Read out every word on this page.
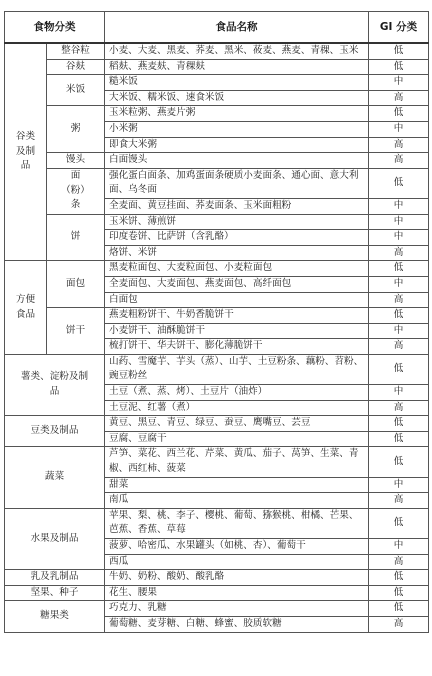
食物分类		食品名称	GI 分类
谷类及制品	整谷粒	小麦、大麦、黑麦、荞麦、黑米、莜麦、燕麦、青稞、玉米	低
	谷麸	稻麸、燕麦麸、青稞麸	低
	米饭	糙米饭	中
		大米饭、糯米饭、速食米饭	高
	粥	玉米粒粥、燕麦片粥	低
		小米粥	中
		即食大米粥	高
	馒头	白面馒头	高
	面（粉）条	强化蛋白面条、加鸡蛋面条硬质小麦面条、通心面、意大利面、乌冬面	低
		全麦面、黄豆挂面、荞麦面条、玉米面粗粉	中
	饼	玉米饼、薄煎饼	中
		印度卷饼、比萨饼（含乳酪）	中
		烙饼、米饼	高
方便食品	面包	黑麦粒面包、大麦粒面包、小麦粒面包	低
		全麦面包、大麦面包、燕麦面包、高纤面包	中
		白面包	高
	饼干	燕麦粗粉饼干、牛奶香脆饼干	低
		小麦饼干、油酥脆饼干	中
		梳打饼干、华夫饼干、膨化薄脆饼干	高
薯类、淀粉及制品		山药、雪魔芋、芋头（蒸）、山芋、土豆粉条、藕粉、苕粉、豌豆粉丝	低
		土豆（煮、蒸、烤）、土豆片（油炸）	中
		土豆泥、红薯（煮）	高
豆类及制品		黄豆、黑豆、青豆、绿豆、蚕豆、鹰嘴豆、芸豆	低
		豆腐、豆腐干	低
蔬菜		芦笋、菜花、西兰花、芹菜、黄瓜、茄子、莴笋、生菜、青椒、西红柿、菠菜	低
		甜菜	中
		南瓜	高
水果及制品		苹果、梨、桃、李子、樱桃、葡萄、猕猴桃、柑橘、芒果、芭蕉、香蕉、草莓	低
		菠萝、哈密瓜、水果罐头（如桃、杏）、葡萄干	中
		西瓜	高
乳及乳制品		牛奶、奶粉、酸奶、酸乳酪	低
坚果、种子		花生、腰果	低
糖果类		巧克力、乳糖	低
		葡萄糖、麦芽糖、白糖、蜂蜜、胶质软糖	高
